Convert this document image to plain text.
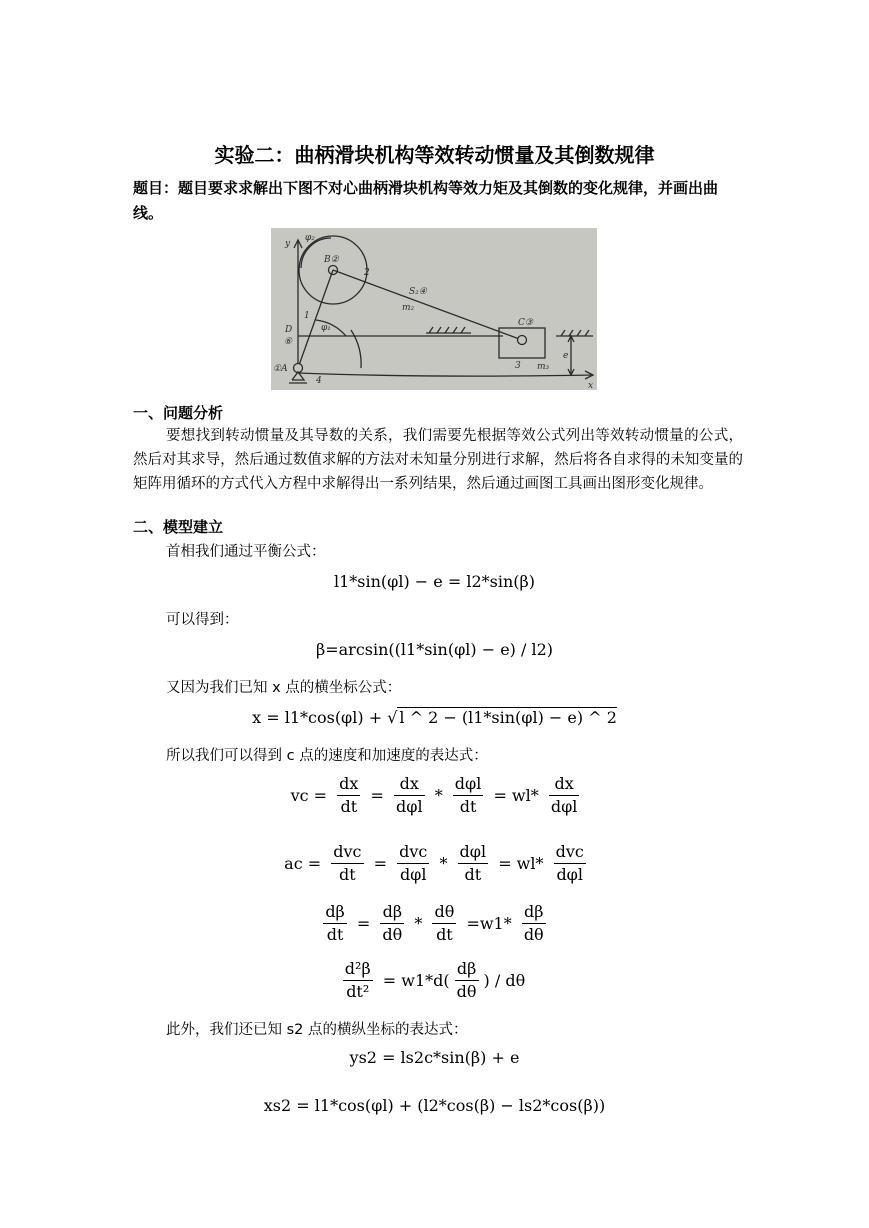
实验二：曲柄滑块机构等效转动惯量及其倒数规律

题目：题目要求求解出下图不对心曲柄滑块机构等效力矩及其倒数的变化规律，并画出曲线。

y
x
φ₂
B②
2
S₂④
m₂
C③
3 m₃
e
D
⑥
1
φ₁
①A
4
一、问题分析

要想找到转动惯量及其导数的关系，我们需要先根据等效公式列出等效转动惯量的公式，然后对其求导，然后通过数值求解的方法对未知量分别进行求解，然后将各自求得的未知变量的矩阵用循环的方式代入方程中求解得出一系列结果，然后通过画图工具画出图形变化规律。

二、模型建立
首相我们通过平衡公式：
l1*sin(φl) − e = l2*sin(β)
可以得到：
β=arcsin((l1*sin(φl) − e) / l2)
又因为我们已知 x 点的横坐标公式：
x = l1*cos(φl) + √ l ^ 2 − (l1*sin(φl) − e) ^ 2
所以我们可以得到 c 点的速度和加速度的表达式：
vc = $\frac{dx}{dt} = \frac{dx}{\text{dφl}} * \frac{\text{dφl}}{dt} = wl* \frac{dx}{\text{dφl}}$
ac = $\frac{\text{dvc}}{dt} = \frac{\text{dvc}}{\text{dφl}} * \frac{\text{dφl}}{dt} = wl* \frac{\text{dvc}}{\text{dφl}}$
$\frac{d\beta}{dt} = \frac{d\beta}{d\theta} * \frac{d\theta}{dt} =w1* \frac{d\beta}{d\theta}$
$\frac{\text{d²β}}{\text{dt²}} = w1*d( \frac{d\beta}{d\theta}$ ) / dθ
此外，我们还已知 s2 点的横纵坐标的表达式：
ys2 = ls2c*sin(β) + e
xs2 = l1*cos(φl) + (l2*cos(β) − ls2*cos(β))
